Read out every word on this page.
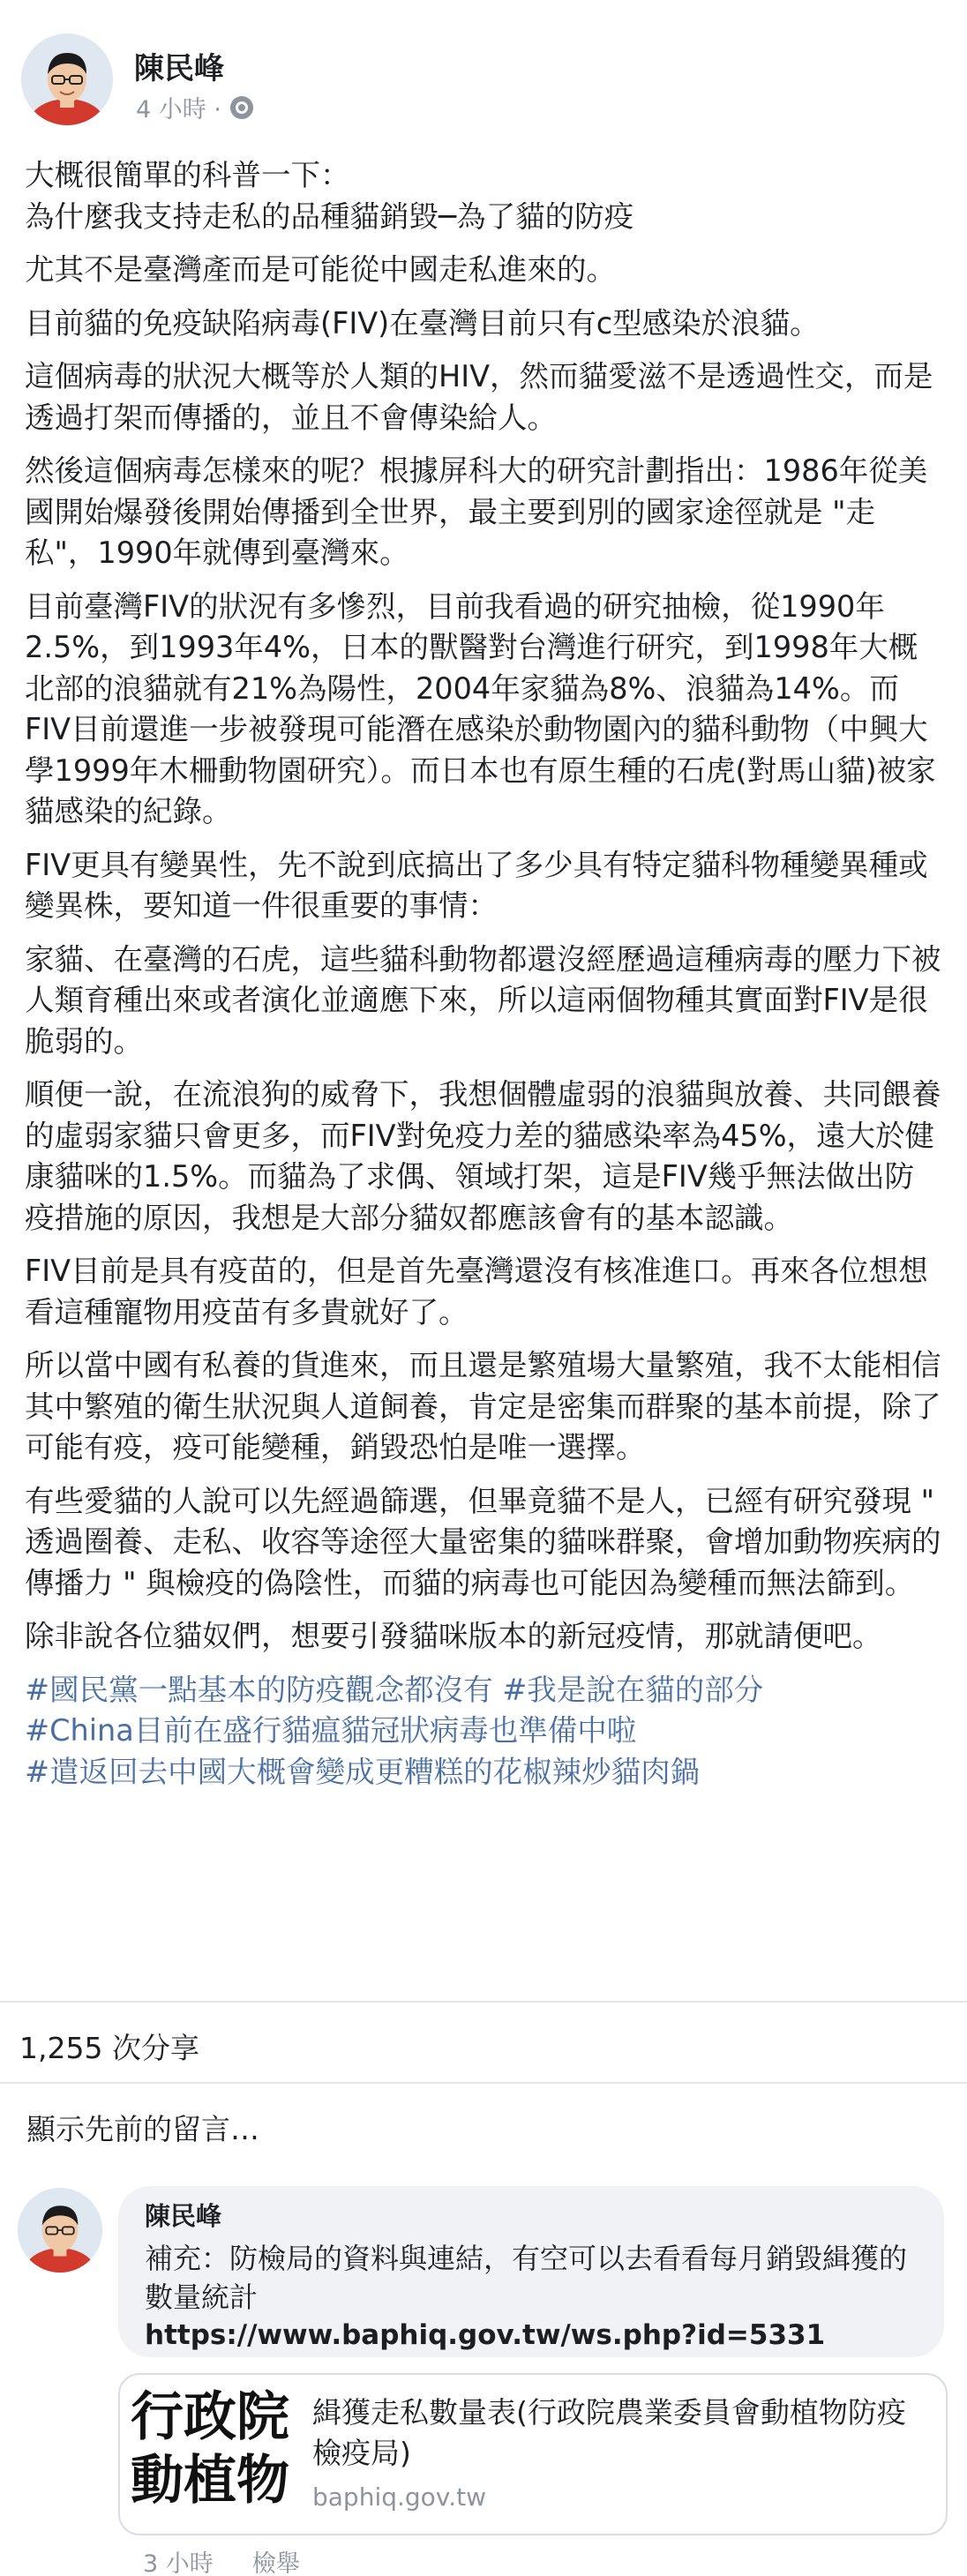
陳民峰
4 小時 ·

大概很簡單的科普一下：
為什麼我支持走私的品種貓銷毀─為了貓的防疫

尤其不是臺灣產而是可能從中國走私進來的。

目前貓的免疫缺陷病毒(FIV)在臺灣目前只有c型感染於浪貓。

這個病毒的狀況大概等於人類的HIV，然而貓愛滋不是透過性交，而是透過打架而傳播的，並且不會傳染給人。

然後這個病毒怎樣來的呢？根據屏科大的研究計劃指出：1986年從美國開始爆發後開始傳播到全世界，最主要到別的國家途徑就是 "走私"，1990年就傳到臺灣來。

目前臺灣FIV的狀況有多慘烈，目前我看過的研究抽檢，從1990年2.5%，到1993年4%，日本的獸醫對台灣進行研究，到1998年大概北部的浪貓就有21%為陽性，2004年家貓為8%、浪貓為14%。而FIV目前還進一步被發現可能潛在感染於動物園內的貓科動物（中興大學1999年木柵動物園研究）。而日本也有原生種的石虎(對馬山貓)被家貓感染的紀錄。

FIV更具有變異性，先不說到底搞出了多少具有特定貓科物種變異種或變異株，要知道一件很重要的事情：

家貓、在臺灣的石虎，這些貓科動物都還沒經歷過這種病毒的壓力下被人類育種出來或者演化並適應下來，所以這兩個物種其實面對FIV是很脆弱的。

順便一說，在流浪狗的威脅下，我想個體虛弱的浪貓與放養、共同餵養的虛弱家貓只會更多，而FIV對免疫力差的貓感染率為45%，遠大於健康貓咪的1.5%。而貓為了求偶、領域打架，這是FIV幾乎無法做出防疫措施的原因，我想是大部分貓奴都應該會有的基本認識。

FIV目前是具有疫苗的，但是首先臺灣還沒有核准進口。再來各位想想看這種寵物用疫苗有多貴就好了。

所以當中國有私養的貨進來，而且還是繁殖場大量繁殖，我不太能相信其中繁殖的衛生狀況與人道飼養，肯定是密集而群聚的基本前提，除了可能有疫，疫可能變種，銷毀恐怕是唯一選擇。

有些愛貓的人說可以先經過篩選，但畢竟貓不是人，已經有研究發現 " 透過圈養、走私、收容等途徑大量密集的貓咪群聚，會增加動物疾病的傳播力 " 與檢疫的偽陰性，而貓的病毒也可能因為變種而無法篩到。

除非說各位貓奴們，想要引發貓咪版本的新冠疫情，那就請便吧。

#國民黨一點基本的防疫觀念都沒有 #我是說在貓的部分
#China目前在盛行貓瘟貓冠狀病毒也準備中啦
#遣返回去中國大概會變成更糟糕的花椒辣炒貓肉鍋
1,255 次分享
顯示先前的留言…
陳民峰
補充：防檢局的資料與連結，有空可以去看看每月銷毀緝獲的數量統計
https://www.baphiq.gov.tw/ws.php?id=5331
行政院
動植物
緝獲走私數量表(行政院農業委員會動植物防疫檢疫局)
baphiq.gov.tw
3 小時 檢舉
